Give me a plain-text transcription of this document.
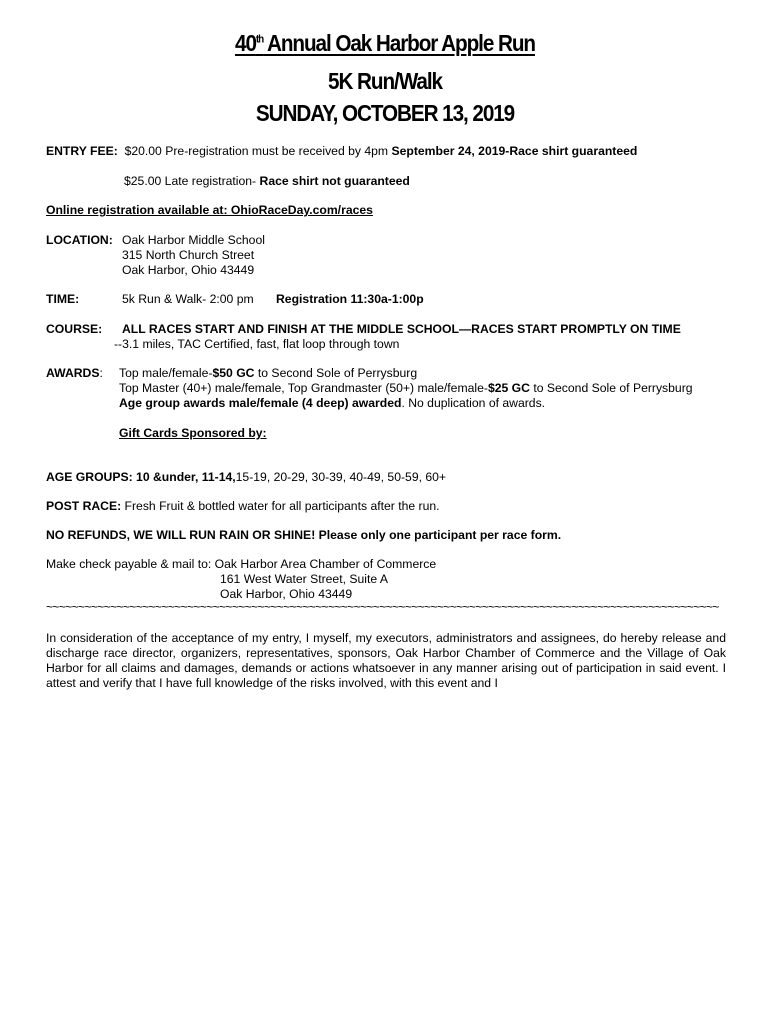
40th Annual Oak Harbor Apple Run
5K Run/Walk
SUNDAY, OCTOBER 13, 2019
ENTRY FEE: $20.00 Pre-registration must be received by 4pm September 24, 2019-Race shirt guaranteed
$25.00 Late registration- Race shirt not guaranteed
Online registration available at: OhioRaceDay.com/races
LOCATION: Oak Harbor Middle School
315 North Church Street
Oak Harbor, Ohio 43449
TIME:	5k Run & Walk- 2:00 pm Registration 11:30a-1:00p
COURSE: ALL RACES START AND FINISH AT THE MIDDLE SCHOOL—RACES START PROMPTLY ON TIME
--3.1 miles, TAC Certified, fast, flat loop through town
AWARDS: Top male/female-$50 GC to Second Sole of Perrysburg
Top Master (40+) male/female, Top Grandmaster (50+) male/female-$25 GC to Second Sole of Perrysburg
Age group awards male/female (4 deep) awarded. No duplication of awards.
Gift Cards Sponsored by:
AGE GROUPS: 10 &under, 11-14,15-19, 20-29, 30-39, 40-49, 50-59, 60+
POST RACE: Fresh Fruit & bottled water for all participants after the run.
NO REFUNDS, WE WILL RUN RAIN OR SHINE! Please only one participant per race form.
Make check payable & mail to: Oak Harbor Area Chamber of Commerce
161 West Water Street, Suite A
Oak Harbor, Ohio 43449
~~~~~~~~~~~~~~~~~~~~~~~~~~~~~~~~~~~~~~~~~~~~~~~~~~~~~~~~~~~~~~~~~~~~~~~~~~~~~~~~~~~~~~~~~~~~~~~~~~~~~~~~~
In consideration of the acceptance of my entry, I myself, my executors, administrators and assignees, do hereby release and discharge race director, organizers, representatives, sponsors, Oak Harbor Chamber of Commerce and the Village of Oak Harbor for all claims and damages, demands or actions whatsoever in any manner arising out of participation in said event. I attest and verify that I have full knowledge of the risks involved, with this event and I
